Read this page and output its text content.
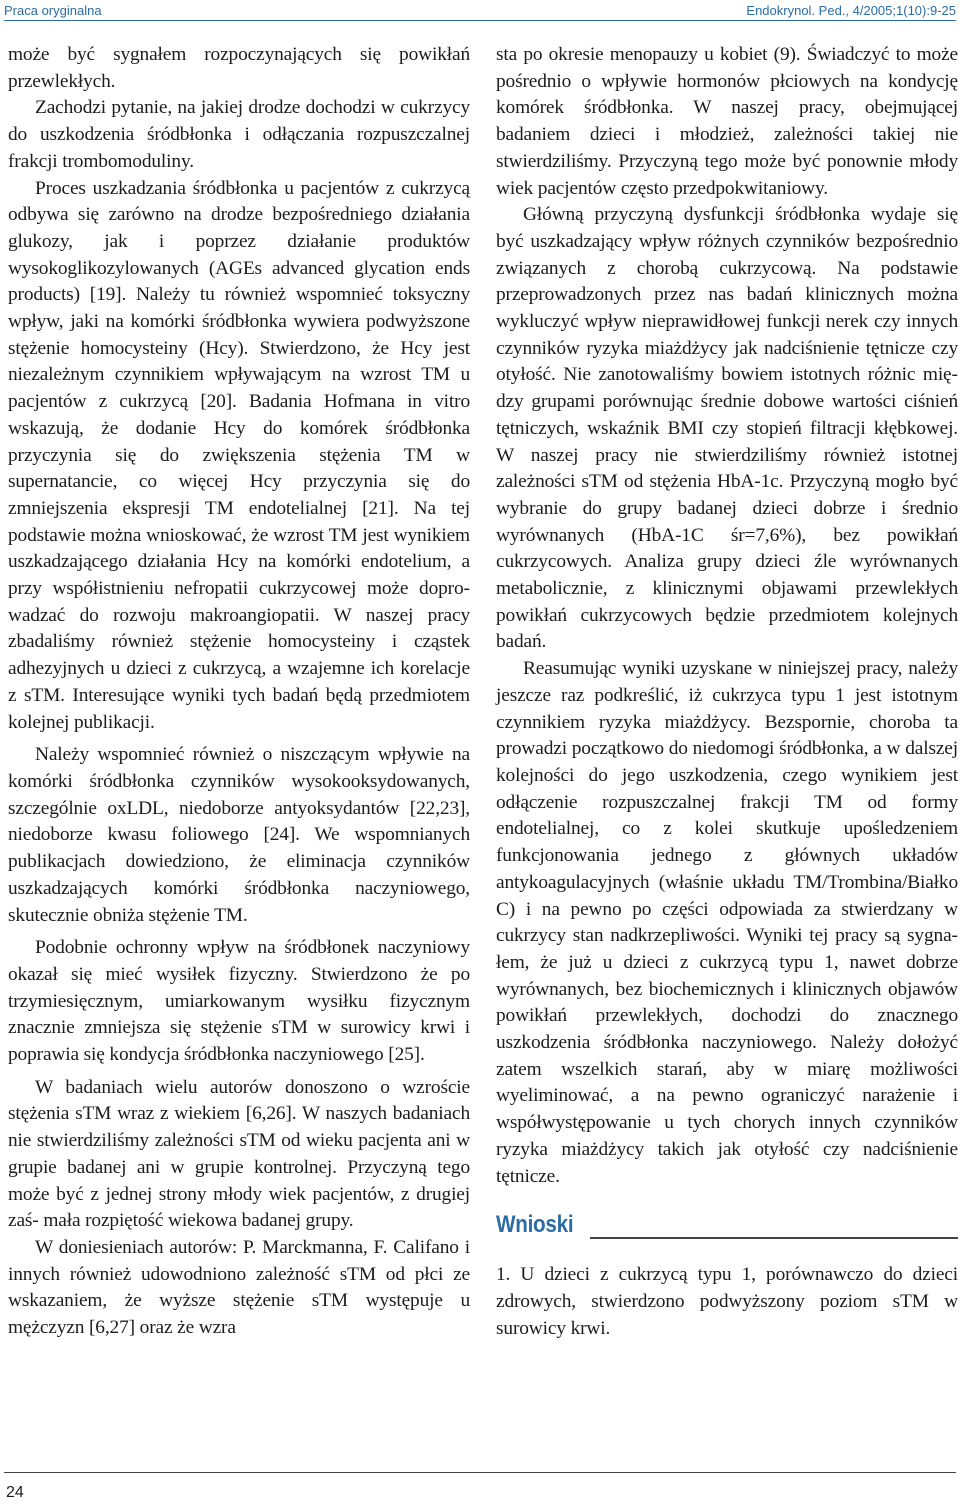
Praca oryginalna	Endokrynol. Ped., 4/2005;1(10):9-25

może być sygnałem rozpoczynających się powikłań przewlekłych.

Zachodzi pytanie, na jakiej drodze dochodzi w cukrzycy do uszkodzenia śródbłonka i odłączania rozpuszczalnej frakcji trombomoduliny.

Proces uszkadzania śródbłonka u pacjentów z cukrzycą odbywa się zarówno na drodze bezpośredniego działania glukozy, jak i poprzez działanie produktów wysokoglikozylowanych (AGEs advanced glycation ends products) [19]. Należy tu również wspomnieć toksyczny wpływ, jaki na komórki śródbłonka wywiera podwyższone stężenie homocysteiny (Hcy). Stwierdzono, że Hcy jest niezależnym czynnikiem wpływającym na wzrost TM u pacjentów z cukrzycą [20]. Badania Hofmana in vitro wskazują, że dodanie Hcy do komórek śródbłonka przyczynia się do zwiększenia stężenia TM w supernatancie, co więcej Hcy przyczynia się do zmniejszenia ekspresji TM endotelialnej [21]. Na tej podstawie można wnioskować, że wzrost TM jest wynikiem uszkadzającego działania Hcy na komórki endotelium, a przy współistnieniu nefropatii cukrzycowej może doprowadzać do rozwoju makroangiopatii. W naszej pracy zbadaliśmy również stężenie homocysteiny i cząstek adhezyjnych u dzieci z cukrzycą, a wzajemne ich korelacje z sTM. Interesujące wyniki tych badań będą przedmiotem kolejnej publikacji.

Należy wspomnieć również o niszczącym wpływie na komórki śródbłonka czynników wysokooksydowanych, szczególnie oxLDL, niedoborze antyoksydantów [22,23], niedoborze kwasu foliowego [24]. We wspomnianych publikacjach dowiedziono, że eliminacja czynników uszkadzających komórki śródbłonka naczyniowego, skutecznie obniża stężenie TM.

Podobnie ochronny wpływ na śródbłonek naczyniowy okazał się mieć wysiłek fizyczny. Stwierdzono że po trzymiesięcznym, umiarkowanym wysiłku fizycznym znacznie zmniejsza się stężenie sTM w surowicy krwi i poprawia się kondycja śródbłonka naczyniowego [25].

W badaniach wielu autorów donoszono o wzroście stężenia sTM wraz z wiekiem [6,26]. W naszych badaniach nie stwierdziliśmy zależności sTM od wieku pacjenta ani w grupie badanej ani w grupie kontrolnej. Przyczyną tego może być z jednej strony młody wiek pacjentów, z drugiej zaś- mała rozpiętość wiekowa badanej grupy.

W doniesieniach autorów: P. Marckmanna, F. Califano i innych również udowodniono zależność sTM od płci ze wskazaniem, że wyższe stężenie sTM występuje u mężczyzn [6,27] oraz że wzra

sta po okresie menopauzy u kobiet (9). Świadczyć to może pośrednio o wpływie hormonów płciowych na kondycję komórek śródbłonka. W naszej pracy, obejmującej badaniem dzieci i młodzież, zależności takiej nie stwierdziliśmy. Przyczyną tego może być ponownie młody wiek pacjentów często przedpokwitaniowy.

Główną przyczyną dysfunkcji śródbłonka wydaje się być uszkadzający wpływ różnych czynników bezpośrednio związanych z chorobą cukrzycową. Na podstawie przeprowadzonych przez nas badań klinicznych można wykluczyć wpływ nieprawidłowej funkcji nerek czy innych czynników ryzyka miażdżycy jak nadciśnienie tętnicze czy otyłość. Nie zanotowaliśmy bowiem istotnych różnic między grupami porównując średnie dobowe wartości ciśnień tętniczych, wskaźnik BMI czy stopień filtracji kłębkowej. W naszej pracy nie stwierdziliśmy również istotnej zależności sTM od stężenia HbA-1c. Przyczyną mogło być wybranie do grupy badanej dzieci dobrze i średnio wyrównanych (HbA-1C śr=7,6%), bez powikłań cukrzycowych. Analiza grupy dzieci źle wyrównanych metabolicznie, z klinicznymi objawami przewlekłych powikłań cukrzycowych będzie przedmiotem kolejnych badań.

Reasumując wyniki uzyskane w niniejszej pracy, należy jeszcze raz podkreślić, iż cukrzyca typu 1 jest istotnym czynnikiem ryzyka miażdżycy. Bezspornie, choroba ta prowadzi początkowo do niedomogi śródbłonka, a w dalszej kolejności do jego uszkodzenia, czego wynikiem jest odłączenie rozpuszczalnej frakcji TM od formy endotelialnej, co z kolei skutkuje upośledzeniem funkcjonowania jednego z głównych układów antykoagulacyjnych (właśnie układu TM/Trombina/Białko C) i na pewno po części odpowiada za stwierdzany w cukrzycy stan nadkrzepliwości. Wyniki tej pracy są sygnałem, że już u dzieci z cukrzycą typu 1, nawet dobrze wyrównanych, bez biochemicznych i klinicznych objawów powikłań przewlekłych, dochodzi do znacznego uszkodzenia śródbłonka naczyniowego. Należy dołożyć zatem wszelkich starań, aby w miarę możliwości wyeliminować, a na pewno ograniczyć narażenie i współwystępowanie u tych chorych innych czynników ryzyka miażdżycy takich jak otyłość czy nadciśnienie tętnicze.

Wnioski

1. U dzieci z cukrzycą typu 1, porównawczo do dzieci zdrowych, stwierdzono podwyższony poziom sTM w surowicy krwi.

24
